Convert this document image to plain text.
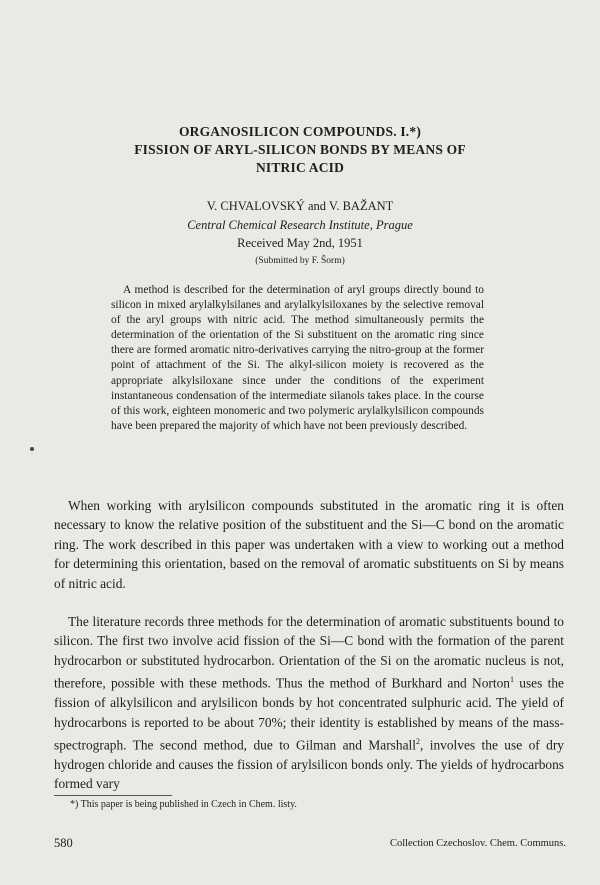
ORGANOSILICON COMPOUNDS. I.*)
FISSION OF ARYL-SILICON BONDS BY MEANS OF
NITRIC ACID
V. CHVALOVSKÝ and V. BAŽANT
Central Chemical Research Institute, Prague
Received May 2nd, 1951
(Submitted by F. Šorm)
A method is described for the determination of aryl groups directly bound to silicon in mixed arylalkylsilanes and arylalkylsiloxanes by the selective removal of the aryl groups with nitric acid. The method simultaneously permits the determination of the orientation of the Si substituent on the aromatic ring since there are formed aromatic nitro-derivatives carrying the nitro-group at the former point of attachment of the Si. The alkyl-silicon moiety is recovered as the appropriate alkylsiloxane since under the conditions of the experiment instantaneous condensation of the intermediate silanols takes place. In the course of this work, eighteen monomeric and two polymeric arylalkylsilicon compounds have been prepared the majority of which have not been previously described.
When working with arylsilicon compounds substituted in the aromatic ring it is often necessary to know the relative position of the substituent and the Si—C bond on the aromatic ring. The work described in this paper was undertaken with a view to working out a method for determining this orientation, based on the removal of aromatic substituents on Si by means of nitric acid.
The literature records three methods for the determination of aromatic substituents bound to silicon. The first two involve acid fission of the Si—C bond with the formation of the parent hydrocarbon or substituted hydrocarbon. Orientation of the Si on the aromatic nucleus is not, therefore, possible with these methods. Thus the method of Burkhard and Norton$^1$ uses the fission of alkylsilicon and arylsilicon bonds by hot concentrated sulphuric acid. The yield of hydrocarbons is reported to be about 70%; their identity is established by means of the mass-spectrograph. The second method, due to Gilman and Marshall$^2$, involves the use of dry hydrogen chloride and causes the fission of arylsilicon bonds only. The yields of hydrocarbons formed vary
*) This paper is being published in Czech in Chem. listy.
580	Collection Czechoslov. Chem. Communs.
